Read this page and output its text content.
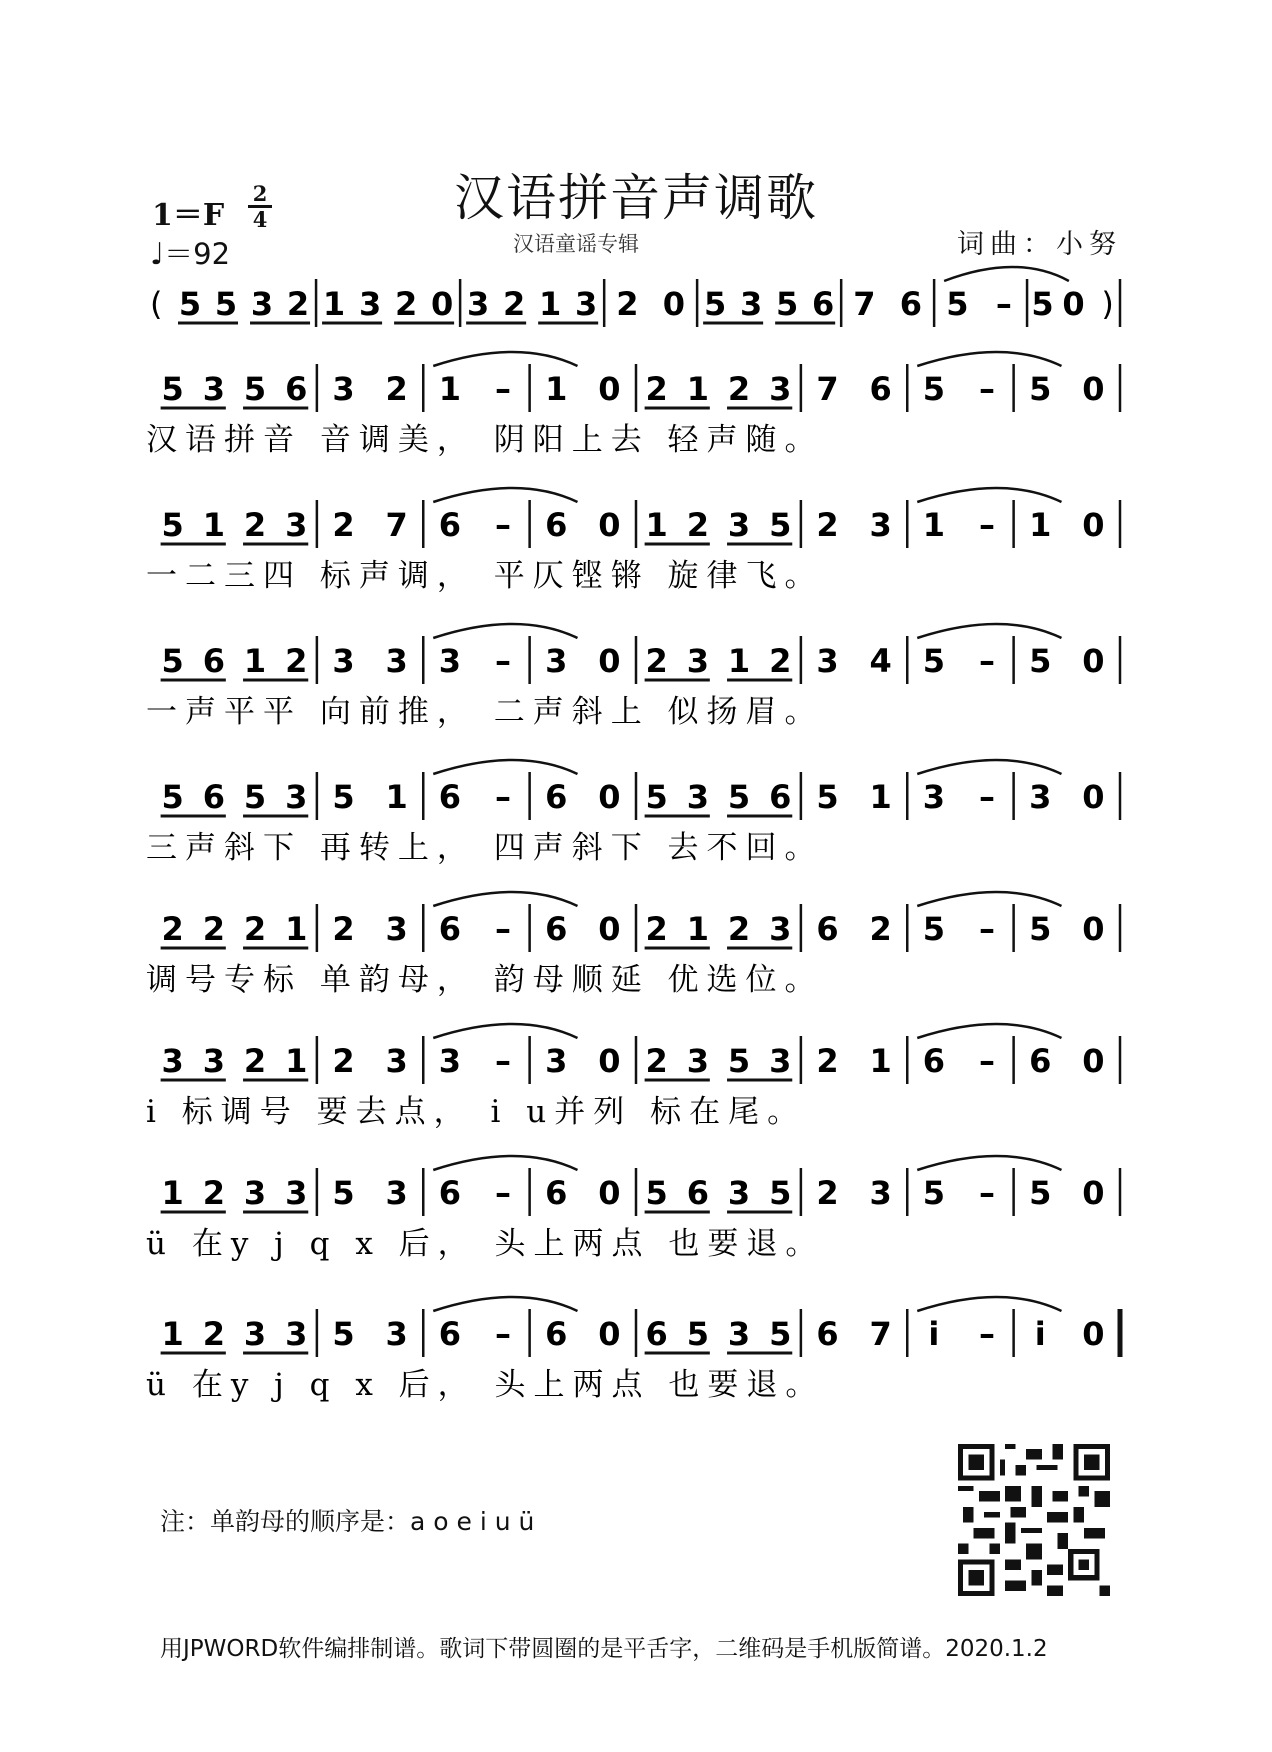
汉语拼音声调歌
汉语童谣专辑
1＝F
2
4
♩＝92	词曲：小努
( 5 5 3 2 1 3 2 0 3 2 1 3 2 0 5 3 5 6 7 6 5 – 5 0 )
5 3 5 6 3 2 1 – 1 0 2 1 2 3 7 6 5 – 5 0
汉语拼音 音调美， 阴阳上去 轻声随。
5 1 2 3 2 7 6 – 6 0 1 2 3 5 2 3 1 – 1 0
一二三四 标声调， 平仄铿锵 旋律飞。
5 6 1 2 3 3 3 – 3 0 2 3 1 2 3 4 5 – 5 0
一声平平 向前推， 二声斜上 似扬眉。
5 6 5 3 5 1 6 – 6 0 5 3 5 6 5 1 3 – 3 0
三声斜下 再转上， 四声斜下 去不回。
2 2 2 1 2 3 6 – 6 0 2 1 2 3 6 2 5 – 5 0
调号专标 单韵母， 韵母顺延 优选位。
3 3 2 1 2 3 3 – 3 0 2 3 5 3 2 1 6 – 6 0
i 标调号 要去点， i u并列 标在尾。
1 2 3 3 5 3 6 – 6 0 5 6 3 5 2 3 5 – 5 0
ü 在y j q x 后， 头上两点 也要退。
1 2 3 3 5 3 6 – 6 0 6 5 3 5 6 7 i – i 0
ü 在y j q x 后， 头上两点 也要退。
注：单韵母的顺序是：a o e i u ü
用JPWORD软件编排制谱。歌词下带圆圈的是平舌字，二维码是手机版简谱。2020.1.2
